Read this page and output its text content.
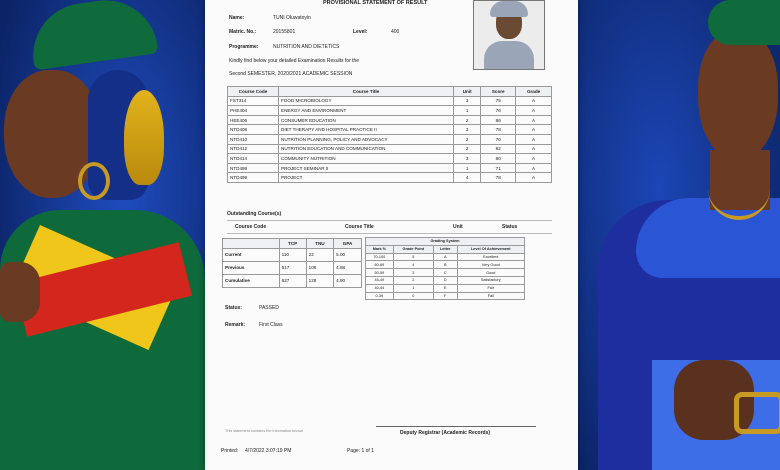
PROVISIONAL STATEMENT OF RESULT
Name:	TUNI Oluwatoyin
Matric. No.:	20155801	Level:	400
Programme:	NUTRITION AND DIETETICS
Kindly find below your detailed Examination Results for the
Second SEMESTER, 2020/2021 ACADEMIC SESSION
Course Code	Course Title	Unit	Score	Grade
FST314	FOOD MICROBIOLOGY	3	75	A
PHE404	ENERGY AND ENVIRONMENT	1	76	A
HEE406	CONSUMER EDUCATION	2	86	A
NTD408	DIET THERAPY AND HOSPITAL PRACTICE II	3	78	A
NTD410	NUTRITION PLANNING, POLICY AND ADVOCACY	2	70	A
NTD412	NUTRITION EDUCATION AND COMMUNICATION	2	82	A
NTD414	COMMUNITY NUTRITION	3	80	A
NTD498	PROJECT SEMINAR II	1	71	A
NTD499	PROJECT	4	78	A
Outstanding Course(s)
Course Code	Course Title	Unit	Status
	TCP	TNU	GPA
Current	110	22	5.00
Previous	517	106	4.88
Cumulative	627	128	4.90
Grading System			
Mark %	Grade Point	Letter	Level Of Achievement
70-100	5	A	Excellent
60-69	4	B	Very Good
50-59	3	C	Good
45-49	2	D	Satisfactory
40-44	1	E	Fair
0-39	0	F	Fail
Status:	PASSED
Remark:	First Class
This statement contains the information known	Deputy Registrar (Academic Records)
Printed: 4/7/2022 3:07:19 PM	Page: 1 of 1
